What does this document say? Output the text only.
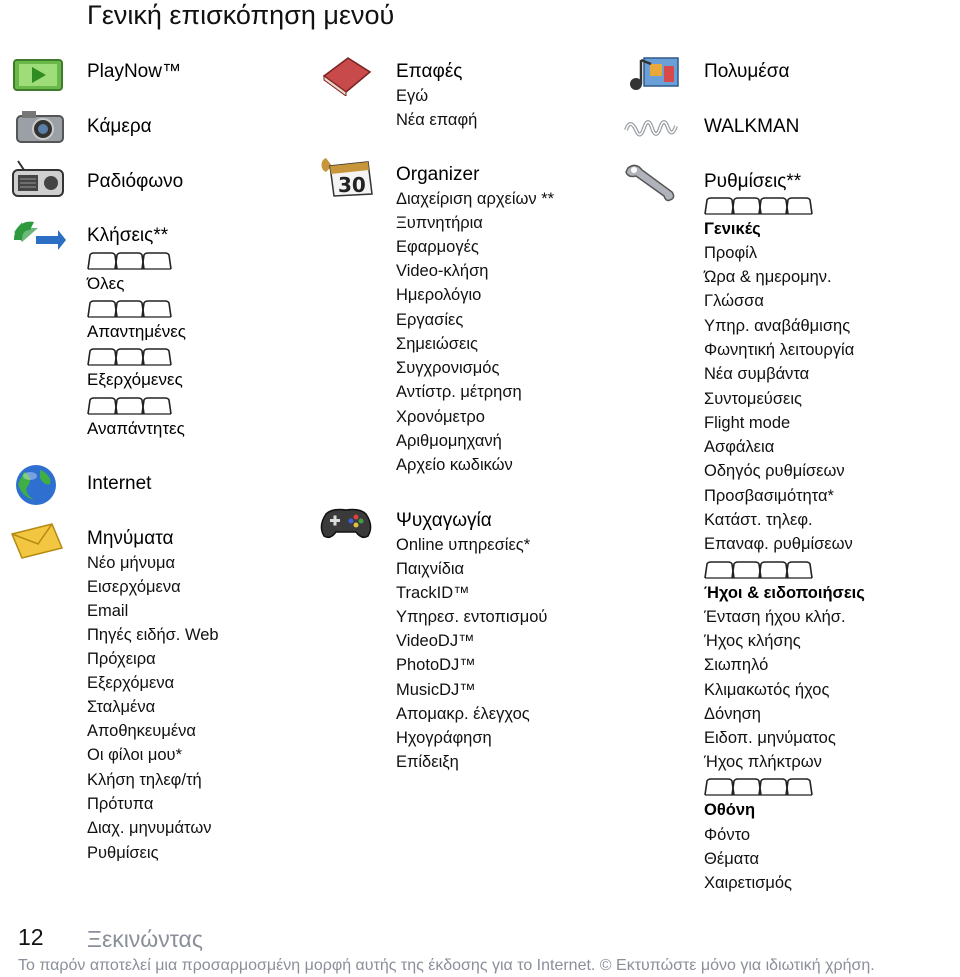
Γενική επισκόπηση μενού
PlayNow™
Κάμερα
Ραδιόφωνο
Κλήσεις**
Όλες
Απαντημένες
Εξερχόμενες
Αναπάντητες
Internet
Μηνύματα
Νέο μήνυμα
Εισερχόμενα
Email
Πηγές ειδήσ. Web
Πρόχειρα
Εξερχόμενα
Σταλμένα
Αποθηκευμένα
Οι φίλοι μου*
Κλήση τηλεφ/τή
Πρότυπα
Διαχ. μηνυμάτων
Ρυθμίσεις
Επαφές
Εγώ
Νέα επαφή
30 Organizer
Διαχείριση αρχείων **
Ξυπνητήρια
Εφαρμογές
Video-κλήση
Ημερολόγιο
Εργασίες
Σημειώσεις
Συγχρονισμός
Αντίστρ. μέτρηση
Χρονόμετρο
Αριθμομηχανή
Αρχείο κωδικών
Ψυχαγωγία
Online υπηρεσίες*
Παιχνίδια
TrackID™
Υπηρεσ. εντοπισμού
VideoDJ™
PhotoDJ™
MusicDJ™
Απομακρ. έλεγχος
Ηχογράφηση
Επίδειξη
Πολυμέσα
WALKMAN
Ρυθμίσεις**
Γενικές
Προφίλ
Ώρα & ημερομην.
Γλώσσα
Υπηρ. αναβάθμισης
Φωνητική λειτουργία
Νέα συμβάντα
Συντομεύσεις
Flight mode
Ασφάλεια
Οδηγός ρυθμίσεων
Προσβασιμότητα*
Κατάστ. τηλεφ.
Επαναφ. ρυθμίσεων
Ήχοι & ειδοποιήσεις
Ένταση ήχου κλήσ.
Ήχος κλήσης
Σιωπηλό
Κλιμακωτός ήχος
Δόνηση
Ειδοπ. μηνύματος
Ήχος πλήκτρων
Οθόνη
Φόντο
Θέματα
Χαιρετισμός
12 Ξεκινώντας
Το παρόν αποτελεί μια προσαρμοσμένη μορφή αυτής της έκδοσης για το Internet. © Εκτυπώστε μόνο για ιδιωτική χρήση.
